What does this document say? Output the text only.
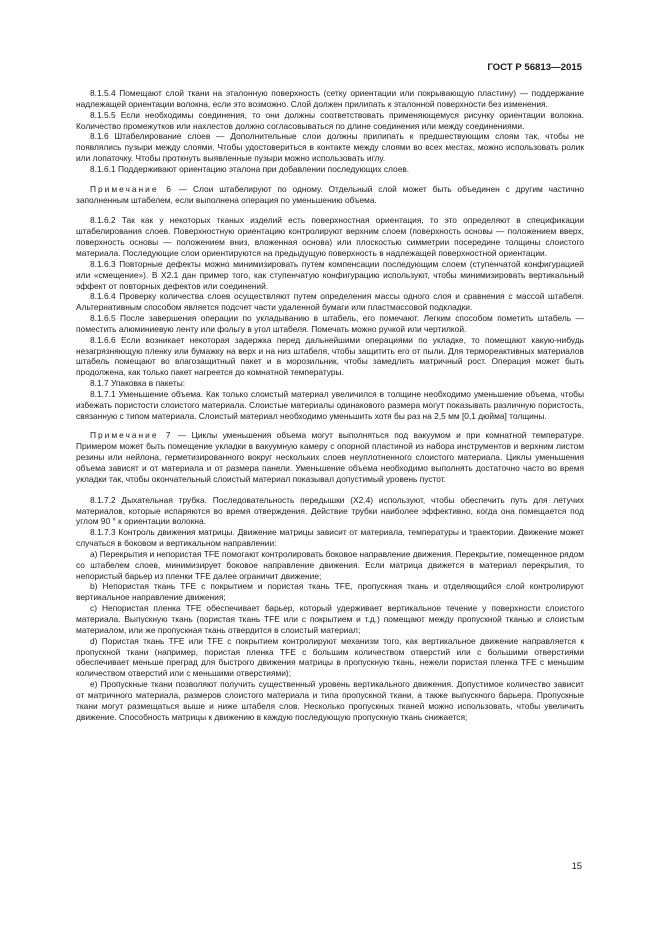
ГОСТ Р 56813—2015

8.1.5.4 Помещают слой ткани на эталонную поверхность (сетку ориентации или покрывающую пластину) — поддержание надлежащей ориентации волокна, если это возможно. Слой должен прилипать к эталонной поверхности без изменения.

8.1.5.5 Если необходимы соединения, то они должны соответствовать применяющемуся рисунку ориентации волокна. Количество промежутков или нахлестов должно согласовываться по длине соединения или между соединениями.

8.1.6 Штабелирование слоев — Дополнительные слои должны прилипать к предшествующим слоям так, чтобы не появлялись пузыри между слоями. Чтобы удостовериться в контакте между слоями во всех местах, можно использовать ролик или лопаточку. Чтобы проткнуть выявленные пузыри можно использовать иглу.

8.1.6.1 Поддерживают ориентацию эталона при добавлении последующих слоев.

Примечание 6 — Слои штабелируют по одному. Отдельный слой может быть объединен с другим частично заполненным штабелем, если выполнена операция по уменьшению объема.

8.1.6.2 Так как у некоторых тканых изделий есть поверхностная ориентация, то это определяют в спецификации штабелирования слоев. Поверхностную ориентацию контролируют верхним слоем (поверхность основы — положением вверх, поверхность основы — положением вниз, вложенная основа) или плоскостью симметрии посередине толщины слоистого материала. Последующие слои ориентируются на предыдущую поверхность в надлежащей поверхностной ориентации.

8.1.6.3 Повторные дефекты можно минимизировать путем компенсации последующим слоем (ступенчатой конфигурацией или «смещение»). В X2.1 дан пример того, как ступенчатую конфигурацию используют, чтобы минимизировать вертикальный эффект от повторных дефектов или соединений.

8.1.6.4 Проверку количества слоев осуществляют путем определения массы одного слоя и сравнения с массой штабеля. Альтернативным способом является подсчет части удаленной бумаги или пластмассовой подкладки.

8.1.6.5 После завершения операции по укладыванию в штабель, его помечают. Легким способом пометить штабель — поместить алюминиевую ленту или фольгу в угол штабеля. Помечать можно ручкой или чертилкой.

8.1.6.6 Если возникает некоторая задержка перед дальнейшими операциями по укладке, то помещают какую-нибудь незагрязняющую пленку или бумажку на верх и на низ штабеля, чтобы защитить его от пыли. Для термореактивных материалов штабель помещают во влагозащитный пакет и в морозильник, чтобы замедлить матричный рост. Операция может быть продолжена, как только пакет нагреется до комнатной температуры.

8.1.7 Упаковка в пакеты:

8.1.7.1 Уменьшение объема. Как только слоистый материал увеличился в толщине необходимо уменьшение объема, чтобы избежать пористости слоистого материала. Слоистые материалы одинакового размера могут показывать различную пористость, связанную с типом материала. Слоистый материал необходимо уменьшить хотя бы раз на 2,5 мм [0,1 дюйма] толщины.

Примечание 7 — Циклы уменьшения объема могут выполняться под вакуумом и при комнатной температуре. Примером может быть помещение укладки в вакуумную камеру с опорной пластиной из набора инструментов и верхним листом резины или нейлона, герметизированного вокруг нескольких слоев неуплотненного слоистого материала. Циклы уменьшения объема зависят и от материала и от размера панели. Уменьшение объема необходимо выполнять достаточно часто во время укладки так, чтобы окончательный слоистый материал показывал допустимый уровень пустот.

8.1.7.2 Дыхательная трубка. Последовательность передышки (X2.4) используют, чтобы обеспечить путь для летучих материалов, которые испаряются во время отверждения. Действие трубки наиболее эффективно, когда она помещается под углом 90 ° к ориентации волокна.

8.1.7.3 Контроль движения матрицы. Движение матрицы зависит от материала, температуры и траектории. Движение может случаться в боковом и вертикальном направлении:

a) Перекрытия и непористая TFE помогают контролировать боковое направление движения. Перекрытие, помещенное рядом со штабелем слоев, минимизирует боковое направление движения. Если матрица движется в материал перекрытия, то непористый барьер из пленки TFE далее ограничит движение;

b) Непористая ткань TFE с покрытием и пористая ткань TFE, пропускная ткань и отделяющийся слой контролируют вертикальное направление движения;

c) Непористая пленка TFE обеспечивает барьер, который удерживает вертикальное течение у поверхности слоистого материала. Выпускную ткань (пористая ткань TFE или с покрытием и т.д.) помещают между пропускной тканью и слоистым материалом, или же пропускная ткань отвердится в слоистый материал;

d) Пористая ткань TFE или TFE с покрытием контролируют механизм того, как вертикальное движение направляется к пропускной ткани (например, пористая пленка TFE с большим количеством отверстий или с большими отверстиями обеспечивает меньше преград для быстрого движения матрицы в пропускную ткань, нежели пористая пленка TFE с меньшим количеством отверстий или с меньшими отверстиями);

e) Пропускные ткани позволяют получить существенный уровень вертикального движения. Допустимое количество зависит от матричного материала, размеров слоистого материала и типа пропускной ткани, а также выпускного барьера. Пропускные ткани могут размещаться выше и ниже штабеля слов. Несколько пропускных тканей можно использовать, чтобы увеличить движение. Способность матрицы к движению в каждую последующую пропускную ткань снижается;

15
